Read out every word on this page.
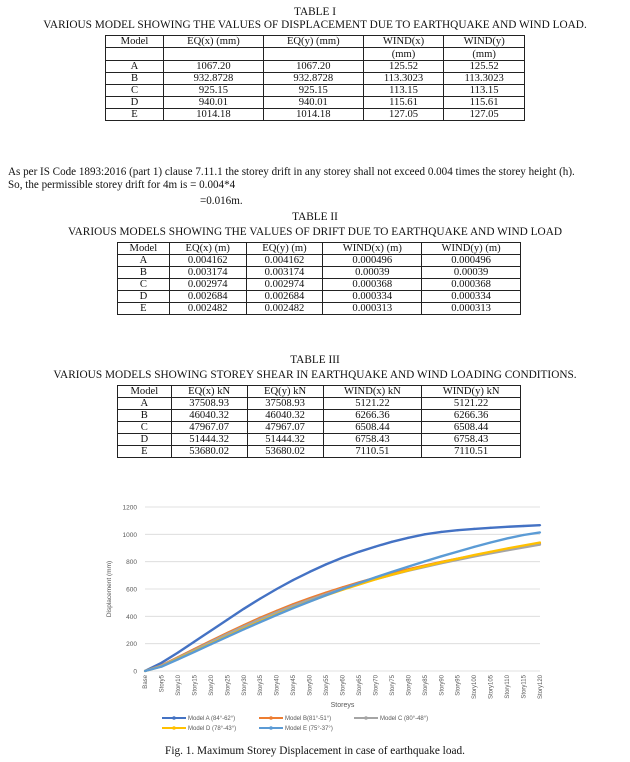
TABLE I
VARIOUS MODEL SHOWING THE VALUES OF DISPLACEMENT DUE TO EARTHQUAKE AND WIND LOAD.
Model	EQ(x) (mm)	EQ(y) (mm)	WIND(x)	WIND(y)
			(mm)	(mm)
A	1067.20	1067.20	125.52	125.52
B	932.8728	932.8728	113.3023	113.3023
C	925.15	925.15	113.15	113.15
D	940.01	940.01	115.61	115.61
E	1014.18	1014.18	127.05	127.05
As per IS Code 1893:2016 (part 1) clause 7.11.1 the storey drift in any storey shall not exceed 0.004 times the storey height (h).
So, the permissible storey drift for 4m is = 0.004*4
=0.016m.
TABLE II
VARIOUS MODELS SHOWING THE VALUES OF DRIFT DUE TO EARTHQUAKE AND WIND LOAD
Model	EQ(x) (m)	EQ(y) (m)	WIND(x) (m)	WIND(y) (m)
A	0.004162	0.004162	0.000496	0.000496
B	0.003174	0.003174	0.00039	0.00039
C	0.002974	0.002974	0.000368	0.000368
D	0.002684	0.002684	0.000334	0.000334
E	0.002482	0.002482	0.000313	0.000313
TABLE III
VARIOUS MODELS SHOWING STOREY SHEAR IN EARTHQUAKE AND WIND LOADING CONDITIONS.
Model	EQ(x) kN	EQ(y) kN	WIND(x) kN	WIND(y) kN
A	37508.93	37508.93	5121.22	5121.22
B	46040.32	46040.32	6266.36	6266.36
C	47967.07	47967.07	6508.44	6508.44
D	51444.32	51444.32	6758.43	6758.43
E	53680.02	53680.02	7110.51	7110.51
0
200
400
600
800
1000
1200
Base Story5 Story10 Story15 Story20 Story25 Story30 Story35 Story40 Story45 Story50 Story55 Story60 Story65 Story70 Story75 Story80 Story85 Story90 Story95 Story100 Story105 Story110 Story115 Story120
Displacement (mm)
Storeys
Model A (84°-62°)	Model B(81°-51°)	Model C (80°-48°)
Model D (78°-43°)	Model E (75°-37°)
Fig. 1. Maximum Storey Displacement in case of earthquake load.
